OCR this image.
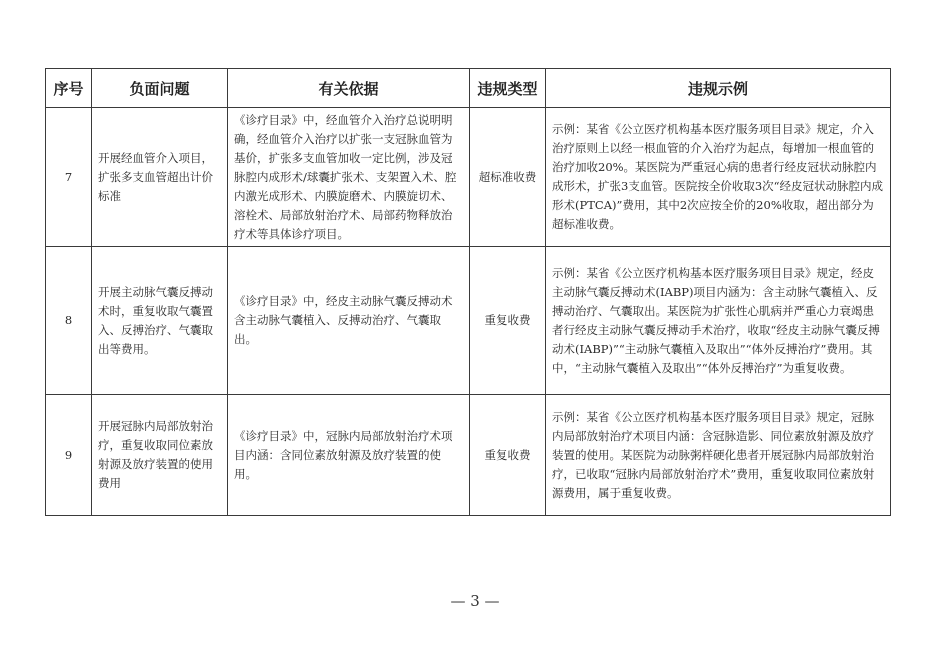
序号	负面问题	有关依据	违规类型	违规示例
7	开展经血管介入项目，扩张多支血管超出计价标准	《诊疗目录》中，经血管介入治疗总说明明确，经血管介入治疗以扩张一支冠脉血管为基价，扩张多支血管加收一定比例，涉及冠脉腔内成形术/球囊扩张术、支架置入术、腔内激光成形术、内膜旋磨术、内膜旋切术、溶栓术、局部放射治疗术、局部药物释放治疗术等具体诊疗项目。	超标准收费	示例：某省《公立医疗机构基本医疗服务项目目录》规定，介入治疗原则上以经一根血管的介入治疗为起点，每增加一根血管的治疗加收20%。某医院为严重冠心病的患者行经皮冠状动脉腔内成形术，扩张3支血管。医院按全价收取3次“经皮冠状动脉腔内成形术(PTCA)”费用，其中2次应按全价的20%收取，超出部分为超标准收费。
8	开展主动脉气囊反搏动术时，重复收取气囊置入、反搏治疗、气囊取出等费用。	《诊疗目录》中，经皮主动脉气囊反搏动术含主动脉气囊植入、反搏动治疗、气囊取出。	重复收费	示例：某省《公立医疗机构基本医疗服务项目目录》规定，经皮主动脉气囊反搏动术(IABP)项目内涵为：含主动脉气囊植入、反搏动治疗、气囊取出。某医院为扩张性心肌病并严重心力衰竭患者行经皮主动脉气囊反搏动手术治疗，收取“经皮主动脉气囊反搏动术(IABP)”“主动脉气囊植入及取出”“体外反搏治疗”费用。其中，“主动脉气囊植入及取出”“体外反搏治疗”为重复收费。
9	开展冠脉内局部放射治疗，重复收取同位素放射源及放疗装置的使用费用	《诊疗目录》中，冠脉内局部放射治疗术项目内涵：含同位素放射源及放疗装置的使用。	重复收费	示例：某省《公立医疗机构基本医疗服务项目目录》规定，冠脉内局部放射治疗术项目内涵：含冠脉造影、同位素放射源及放疗装置的使用。某医院为动脉粥样硬化患者开展冠脉内局部放射治疗，已收取“冠脉内局部放射治疗术”费用，重复收取同位素放射源费用，属于重复收费。
— 3 —
